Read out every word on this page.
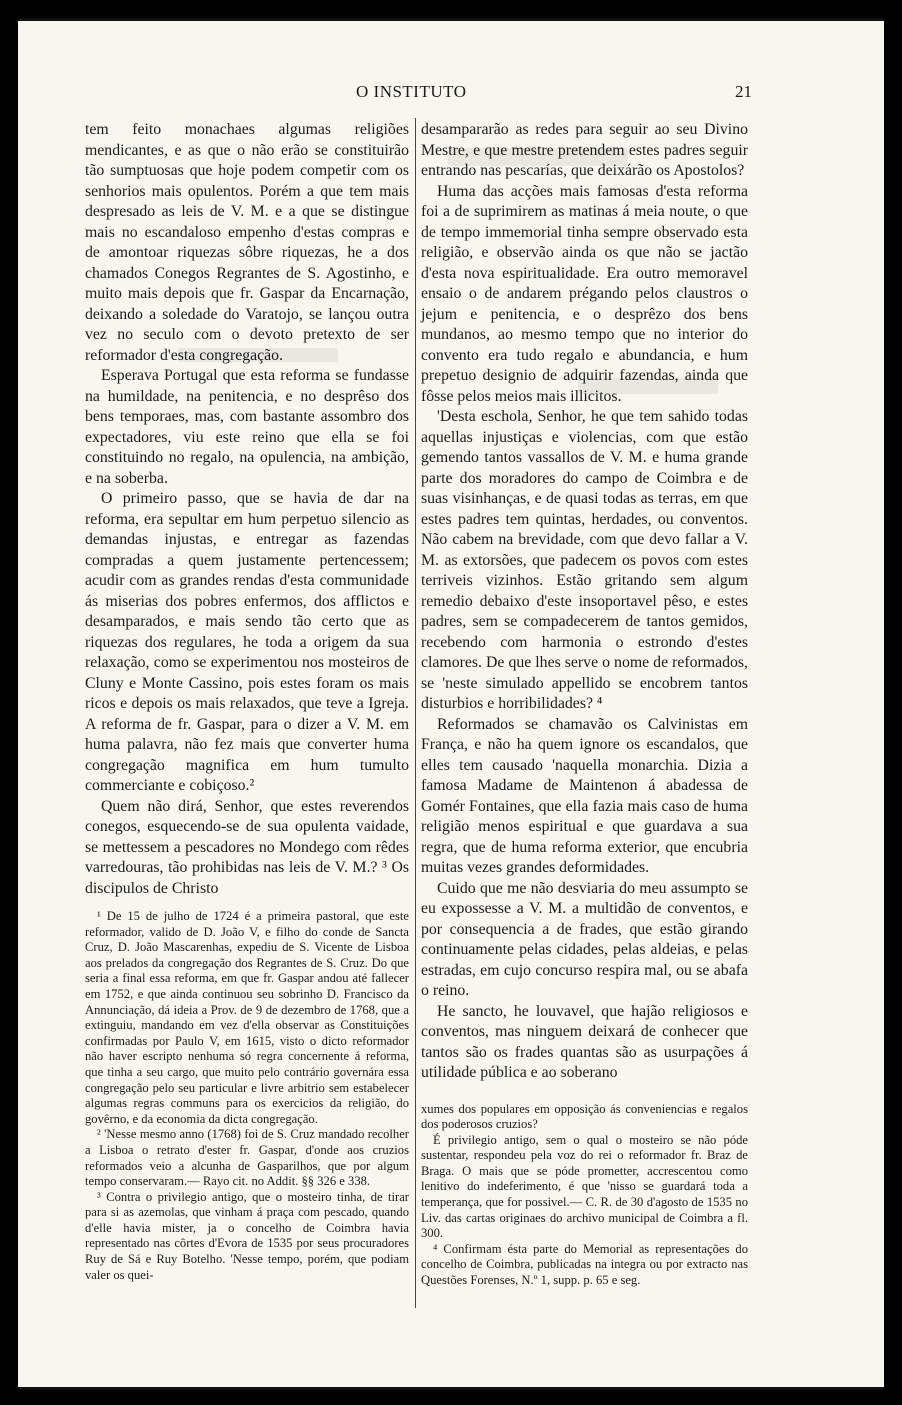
O INSTITUTO	21

tem feito monachaes algumas religiões mendicantes, e as que o não erão se constituirão tão sumptuosas que hoje podem competir com os senhorios mais opulentos. Porém a que tem mais despresado as leis de V. M. e a que se distingue mais no escandaloso empenho d'estas compras e de amontoar riquezas sôbre riquezas, he a dos chamados Conegos Regrantes de S. Agostinho, e muito mais depois que fr. Gaspar da Encarnação, deixando a soledade do Varatojo, se lançou outra vez no seculo com o devoto pretexto de ser reformador d'esta congregação.

Esperava Portugal que esta reforma se fundasse na humildade, na penitencia, e no desprêso dos bens temporaes, mas, com bastante assombro dos expectadores, viu este reino que ella se foi constituindo no regalo, na opulencia, na ambição, e na soberba.

O primeiro passo, que se havia de dar na reforma, era sepultar em hum perpetuo silencio as demandas injustas, e entregar as fazendas compradas a quem justamente pertencessem; acudir com as grandes rendas d'esta communidade ás miserias dos pobres enfermos, dos afflictos e desamparados, e mais sendo tão certo que as riquezas dos regulares, he toda a origem da sua relaxação, como se experimentou nos mosteiros de Cluny e Monte Cassino, pois estes foram os mais ricos e depois os mais relaxados, que teve a Igreja. A reforma de fr. Gaspar, para o dizer a V. M. em huma palavra, não fez mais que converter huma congregação magnifica em hum tumulto commerciante e cobiçoso.²

Quem não dirá, Senhor, que estes reverendos conegos, esquecendo-se de sua opulenta vaidade, se mettessem a pescadores no Mondego com rêdes varredouras, tão prohibidas nas leis de V. M.? ³ Os discipulos de Christo

¹ De 15 de julho de 1724 é a primeira pastoral, que este reformador, valido de D. João V, e filho do conde de Sancta Cruz, D. João Mascarenhas, expediu de S. Vicente de Lisboa aos prelados da congregação dos Regrantes de S. Cruz. Do que seria a final essa reforma, em que fr. Gaspar andou até fallecer em 1752, e que ainda continuou seu sobrinho D. Francisco da Annunciação, dá ideia a Prov. de 9 de dezembro de 1768, que a extinguiu, mandando em vez d'ella observar as Constituições confirmadas por Paulo V, em 1615, visto o dicto reformador não haver escripto nenhuma só regra concernente á reforma, que tinha a seu cargo, que muito pelo contrário governára essa congregação pelo seu particular e livre arbitrio sem estabelecer algumas regras communs para os exercicios da religião, do govêrno, e da economia da dicta congregação.

² 'Nesse mesmo anno (1768) foi de S. Cruz mandado recolher a Lisboa o retrato d'ester fr. Gaspar, d'onde aos cruzios reformados veio a alcunha de Gasparilhos, que por algum tempo conservaram.— Rayo cit. no Addit. §§ 326 e 338.

³ Contra o privilegio antigo, que o mosteiro tinha, de tirar para si as azemolas, que vinham á praça com pescado, quando d'elle havia mister, ja o concelho de Coimbra havia representado nas côrtes d'Evora de 1535 por seus procuradores Ruy de Sá e Ruy Botelho. 'Nesse tempo, porém, que podiam valer os quei-

desampararão as redes para seguir ao seu Divino Mestre, e que mestre pretendem estes padres seguir entrando nas pescarías, que deixárão os Apostolos?

Huma das acções mais famosas d'esta reforma foi a de suprimirem as matinas á meia noute, o que de tempo immemorial tinha sempre observado esta religião, e observão ainda os que não se jactão d'esta nova espiritualidade. Era outro memoravel ensaio o de andarem prégando pelos claustros o jejum e penitencia, e o desprêzo dos bens mundanos, ao mesmo tempo que no interior do convento era tudo regalo e abundancia, e hum prepetuo designio de adquirir fazendas, ainda que fôsse pelos meios mais illicitos.

'Desta eschola, Senhor, he que tem sahido todas aquellas injustiças e violencias, com que estão gemendo tantos vassallos de V. M. e huma grande parte dos moradores do campo de Coimbra e de suas visinhanças, e de quasi todas as terras, em que estes padres tem quintas, herdades, ou conventos. Não cabem na brevidade, com que devo fallar a V. M. as extorsões, que padecem os povos com estes terriveis vizinhos. Estão gritando sem algum remedio debaixo d'este insoportavel pêso, e estes padres, sem se compadecerem de tantos gemidos, recebendo com harmonia o estrondo d'estes clamores. De que lhes serve o nome de reformados, se 'neste simulado appellido se encobrem tantos disturbios e horribilidades? ⁴

Reformados se chamavão os Calvinistas em França, e não ha quem ignore os escandalos, que elles tem causado 'naquella monarchia. Dizia a famosa Madame de Maintenon á abadessa de Gomér Fontaines, que ella fazia mais caso de huma religião menos espiritual e que guardava a sua regra, que de huma reforma exterior, que encubria muitas vezes grandes deformidades.

Cuido que me não desviaria do meu assumpto se eu expossesse a V. M. a multidão de conventos, e por consequencia a de frades, que estão girando continuamente pelas cidades, pelas aldeias, e pelas estradas, em cujo concurso respira mal, ou se abafa o reino.

He sancto, he louvavel, que hajão religiosos e conventos, mas ninguem deixará de conhecer que tantos são os frades quantas são as usurpações á utilidade pública e ao soberano

xumes dos populares em opposição ás conveniencias e regalos dos poderosos cruzios?

É privilegio antigo, sem o qual o mosteiro se não póde sustentar, respondeu pela voz do rei o reformador fr. Braz de Braga. O mais que se póde prometter, accrescentou como lenitivo do indeferimento, é que 'nisso se guardará toda a temperança, que for possivel.— C. R. de 30 d'agosto de 1535 no Liv. das cartas originaes do archivo municipal de Coimbra a fl. 300.

⁴ Confirmam ésta parte do Memorial as representações do concelho de Coimbra, publicadas na integra ou por extracto nas Questões Forenses, N.º 1, supp. p. 65 e seg.
